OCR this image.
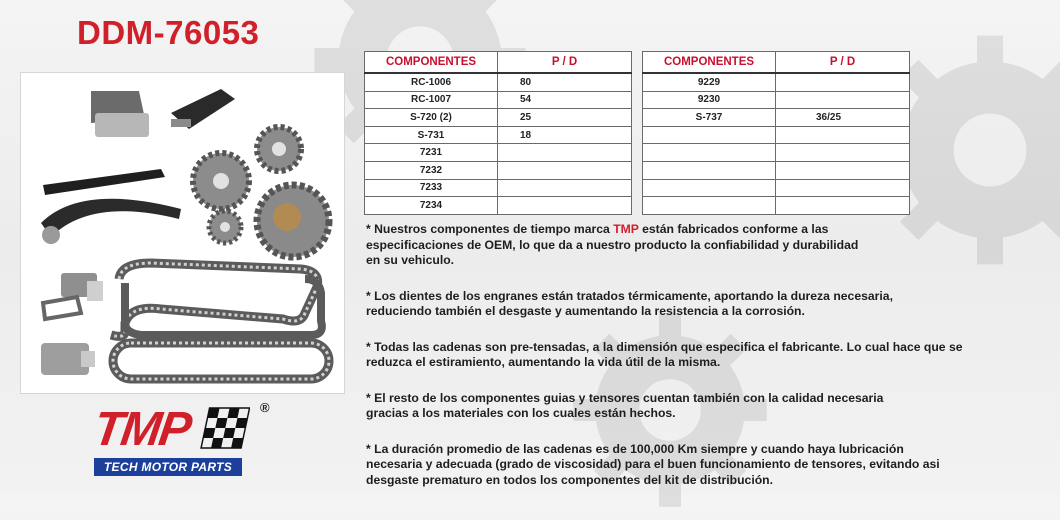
DDM-76053
COMPONENTES	P / D
RC-1006	80
RC-1007	54
S-720 (2)	25
S-731	18
7231	
7232	
7233	
7234	
COMPONENTES	P / D
9229	
9230	
S-737	36/25

* Nuestros componentes de tiempo marca TMP están fabricados conforme a las
especificaciones de OEM, lo que da a nuestro producto la confiabilidad y durabilidad
en su vehiculo.

* Los dientes de los engranes están tratados térmicamente, aportando la dureza necesaria,
reduciendo también el desgaste y aumentando la resistencia a la corrosión.

* Todas las cadenas son pre-tensadas, a la dimensión que especifica el fabricante. Lo cual hace que se
reduzca el estiramiento, aumentando la vida útil de la misma.

* El resto de los componentes guias y tensores cuentan también con la calidad necesaria
gracias a los materiales con los cuales están hechos.

* La duración promedio de las cadenas es de 100,000 Km siempre y cuando haya lubricación
necesaria y adecuada (grado de viscosidad) para el buen funcionamiento de tensores, evitando asi
desgaste prematuro en todos los componentes del kit de distribución.

TMP	®
TECH MOTOR PARTS
